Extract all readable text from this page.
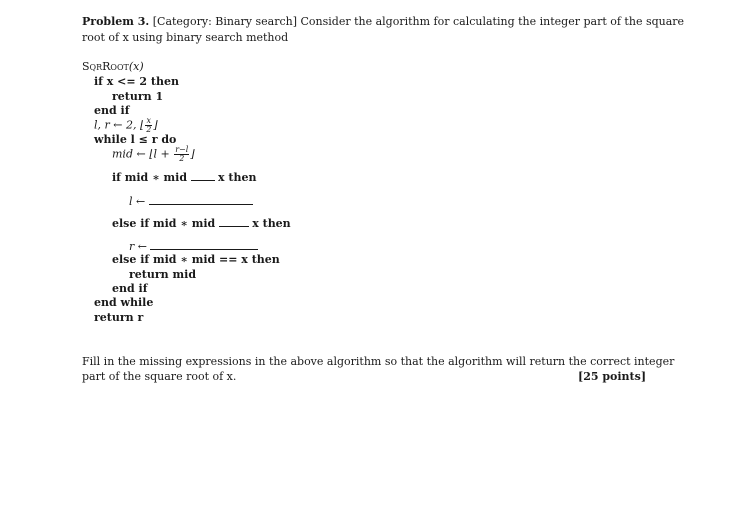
Problem 3. [Category: Binary search] Consider the algorithm for calculating the integer part of the square
root of x using binary search method
SqrRoot(x)
if x <= 2 then
return 1
end if
l, r ← 2, ⌊ $\frac{x}{2}$ ⌋
while l ≤ r do
mid ← ⌊l + $\frac{r-l}{2}$ ⌋
if mid ∗ mid	x then
l ←
else if mid ∗ mid	x then
r ←
else if mid ∗ mid == x then
return mid
end if
end while
return r
Fill in the missing expressions in the above algorithm so that the algorithm will return the correct integer
part of the square root of x.	[25 points]
